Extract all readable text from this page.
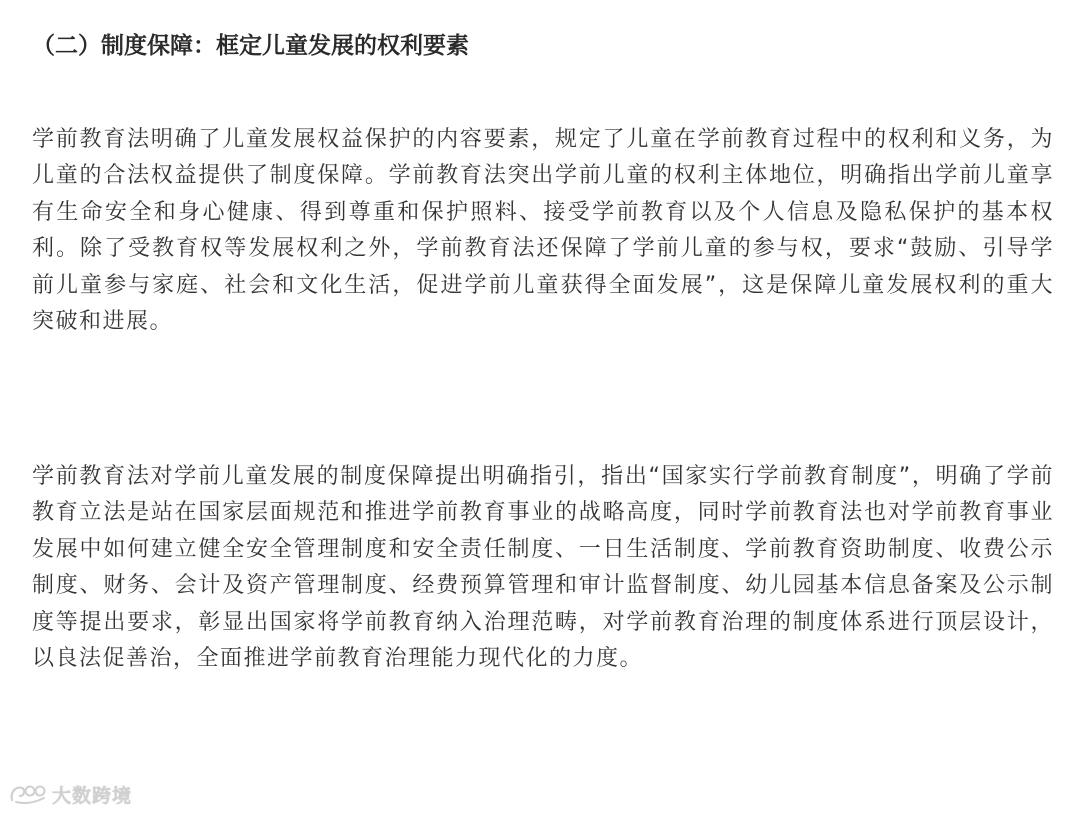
（二）制度保障：框定儿童发展的权利要素

学前教育法明确了儿童发展权益保护的内容要素，规定了儿童在学前教育过程中的权利和义务，为儿童的合法权益提供了制度保障。学前教育法突出学前儿童的权利主体地位，明确指出学前儿童享有生命安全和身心健康、得到尊重和保护照料、接受学前教育以及个人信息及隐私保护的基本权利。除了受教育权等发展权利之外，学前教育法还保障了学前儿童的参与权，要求“鼓励、引导学前儿童参与家庭、社会和文化生活，促进学前儿童获得全面发展”，这是保障儿童发展权利的重大突破和进展。

学前教育法对学前儿童发展的制度保障提出明确指引，指出“国家实行学前教育制度”，明确了学前教育立法是站在国家层面规范和推进学前教育事业的战略高度，同时学前教育法也对学前教育事业发展中如何建立健全安全管理制度和安全责任制度、一日生活制度、学前教育资助制度、收费公示制度、财务、会计及资产管理制度、经费预算管理和审计监督制度、幼儿园基本信息备案及公示制度等提出要求，彰显出国家将学前教育纳入治理范畴，对学前教育治理的制度体系进行顶层设计，以良法促善治，全面推进学前教育治理能力现代化的力度。

大数跨境
